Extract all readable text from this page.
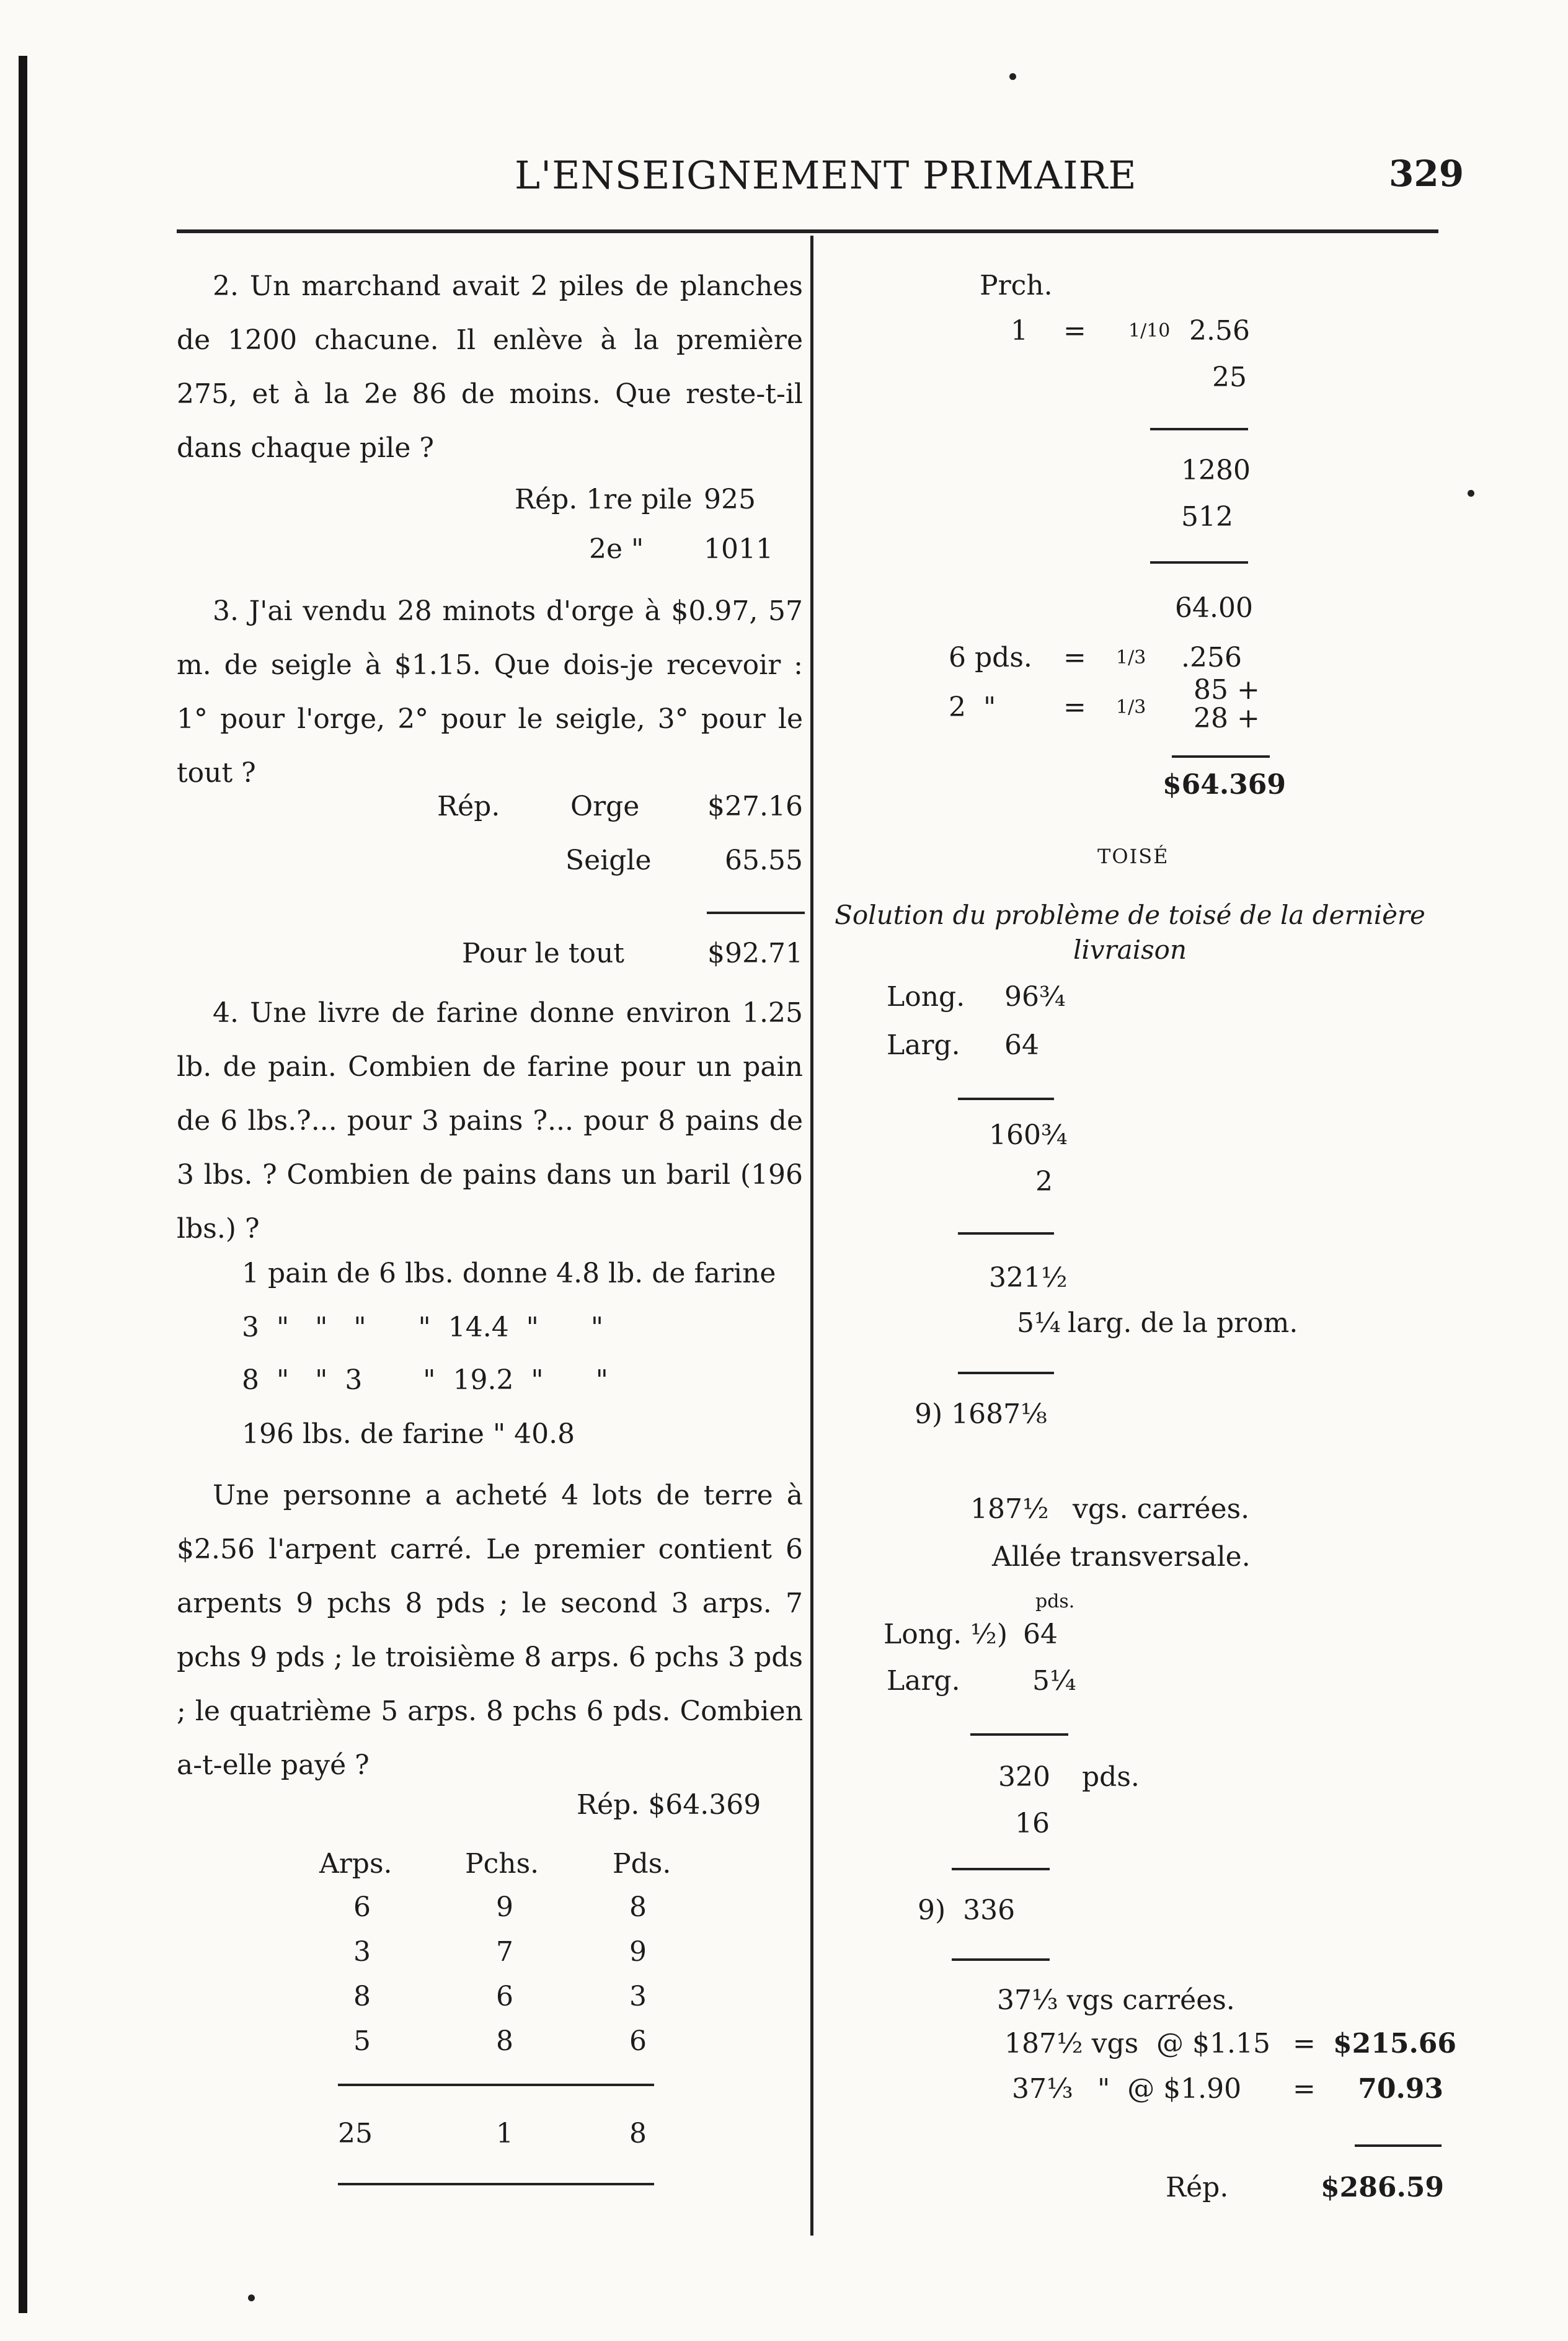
L'ENSEIGNEMENT PRIMAIRE	329
2. Un marchand avait 2 piles de planches de 1200 chacune. Il enlève à la première 275, et à la 2e 86 de moins. Que reste-t-il dans chaque pile ?
Rép. 1re pile 925
2e " 1011
3. J'ai vendu 28 minots d'orge à $0.97, 57 m. de seigle à $1.15. Que dois-je recevoir : 1° pour l'orge, 2° pour le seigle, 3° pour le tout ?
Rép.	Orge	$27.16
Seigle	65.55
Pour le tout	$92.71
4. Une livre de farine donne environ 1.25 lb. de pain. Combien de farine pour un pain de 6 lbs.?... pour 3 pains ?... pour 8 pains de 3 lbs. ? Combien de pains dans un baril (196 lbs.) ?
1 pain de 6 lbs. donne 4.8 lb. de farine
3  "   "   "      "  14.4  "      "
8  "   "  3       "  19.2  "      "
196 lbs. de farine " 40.8
Une personne a acheté 4 lots de terre à $2.56 l'arpent carré. Le premier contient 6 arpents 9 pchs 8 pds ; le second 3 arps. 7 pchs 9 pds ; le troisième 8 arps. 6 pchs 3 pds ; le quatrième 5 arps. 8 pchs 6 pds. Combien a-t-elle payé ?
Rép. $64.369
Arps.	Pchs.	Pds.
6	9	8
3	7	9
8	6	3
5	8	6
25	1	8
Prch.
1 = 1/10 2.56
25
1280
512
64.00
6 pds. = 1/3 .256
85 +
2  " = 1/3 28 +
$64.369
TOISÉ
Solution du problème de toisé de la dernière livraison
Long. 96¾
Larg. 64
160¾
2
321½
5¼ larg. de la prom.
9) 1687⅛
187½ vgs. carrées.
Allée transversale.
pds.
Long. ½) 64
Larg.	5¼
320 pds.
16
9)  336
37⅓ vgs carrées.
187½ vgs @ $1.15 = $215.66
37⅓ "  @ $1.90 =	70.93
Rép.	$286.59
